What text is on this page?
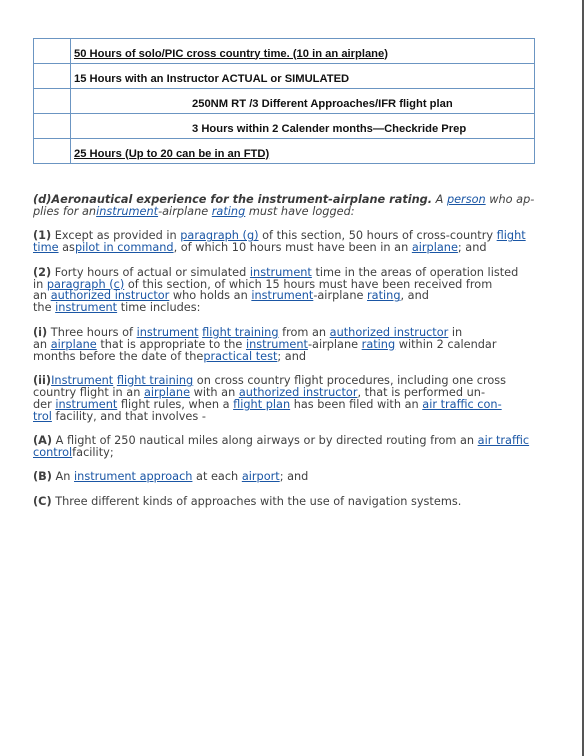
	50 Hours of solo/PIC cross country time. (10 in an airplane)
	15 Hours with an Instructor ACTUAL or SIMULATED
	250NM RT /3 Different Approaches/IFR flight plan
	3 Hours within 2 Calender months—Checkride Prep
	25 Hours (Up to 20 can be in an FTD)

(d)Aeronautical experience for the instrument-airplane rating. A person who ap-
plies for aninstrument-airplane rating must have logged:

(1) Except as provided in paragraph (g) of this section, 50 hours of cross-country flight
time aspilot in command, of which 10 hours must have been in an airplane; and

(2) Forty hours of actual or simulated instrument time in the areas of operation listed
in paragraph (c) of this section, of which 15 hours must have been received from
an authorized instructor who holds an instrument-airplane rating, and
the instrument time includes:

(i) Three hours of instrument flight training from an authorized instructor in
an airplane that is appropriate to the instrument-airplane rating within 2 calendar
months before the date of thepractical test; and

(ii)Instrument flight training on cross country flight procedures, including one cross
country flight in an airplane with an authorized instructor, that is performed un-
der instrument flight rules, when a flight plan has been filed with an air traffic con-
trol facility, and that involves -

(A) A flight of 250 nautical miles along airways or by directed routing from an air traffic
controlfacility;

(B) An instrument approach at each airport; and

(C) Three different kinds of approaches with the use of navigation systems.
